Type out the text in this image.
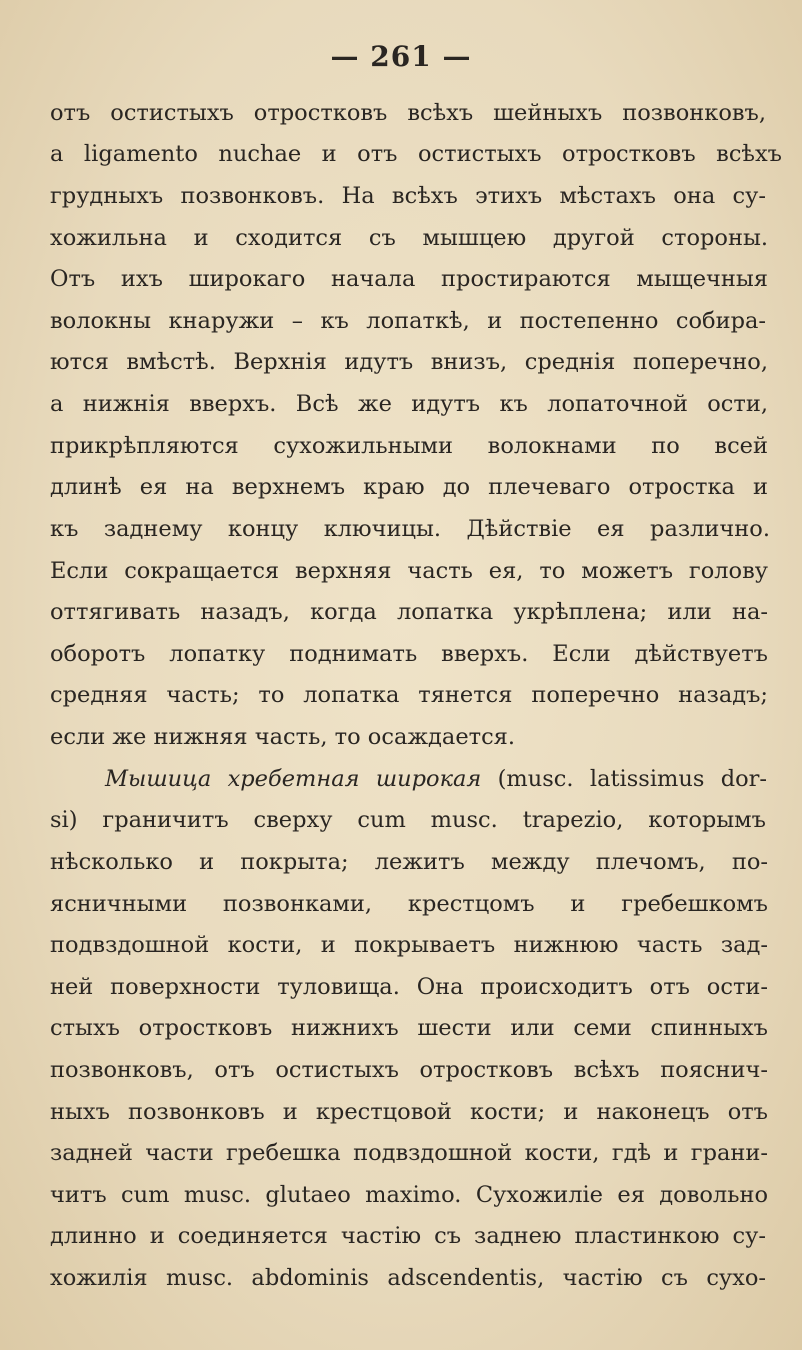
— 261 —
отъ остистыхъ отростковъ всѣхъ шейныхъ позвонковъ,
a ligamento nuchae и отъ остистыхъ отростковъ всѣхъ
грудныхъ позвонковъ. На всѣхъ этихъ мѣстахъ она су-
хожильна и сходится съ мышцею другой стороны.
Отъ ихъ широкаго начала простираются мыщечныя
волокны кнаружи – къ лопаткѣ, и постепенно собира-
ются вмѣстѣ. Верхнія идутъ внизъ, среднія поперечно,
а нижнія вверхъ. Всѣ же идутъ къ лопаточной ости,
прикрѣпляются сухожильными волокнами по всей
длинѣ ея на верхнемъ краю до плечеваго отростка и
къ заднему концу ключицы. Дѣйствіе ея различно.
Если сокращается верхняя часть ея, то можетъ голову
оттягивать назадъ, когда лопатка укрѣплена; или на-
оборотъ лопатку поднимать вверхъ. Если дѣйствуетъ
средняя часть; то лопатка тянется поперечно назадъ;
если же нижняя часть, то осаждается.
Мышица хребетная широкая (musc. latissimus dor-
si) граничитъ сверху cum musc. trapezio, которымъ
нѣсколько и покрыта; лежитъ между плечомъ, по-
ясничными позвонками, крестцомъ и гребешкомъ
подвздошной кости, и покрываетъ нижнюю часть зад-
ней поверхности туловища. Она происходитъ отъ ости-
стыхъ отростковъ нижнихъ шести или семи спинныхъ
позвонковъ, отъ остистыхъ отростковъ всѣхъ пояснич-
ныхъ позвонковъ и крестцовой кости; и наконецъ отъ
задней части гребешка подвздошной кости, гдѣ и грани-
читъ cum musc. glutaeo maximo. Сухожиліе ея довольно
длинно и соединяется частію съ заднею пластинкою су-
хожилія musc. abdominis adscendentis, частію съ сухо-
